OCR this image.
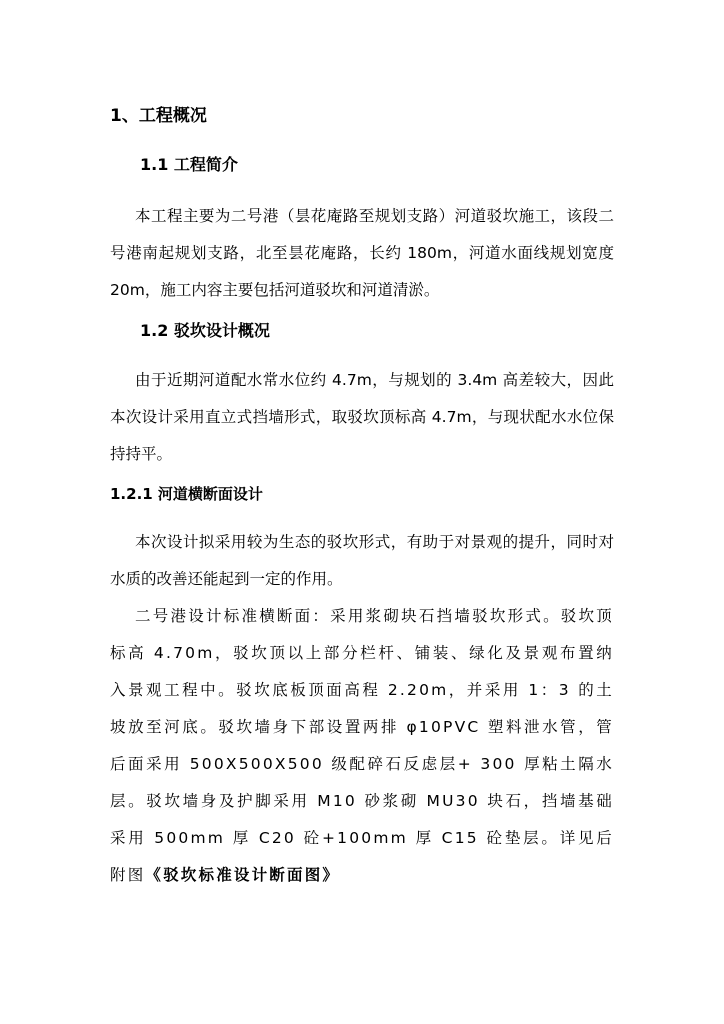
1、工程概况
1.1 工程简介

本工程主要为二号港（昙花庵路至规划支路）河道驳坎施工，该段二号港南起规划支路，北至昙花庵路，长约 180m，河道水面线规划宽度 20m，施工内容主要包括河道驳坎和河道清淤。

1.2 驳坎设计概况

由于近期河道配水常水位约 4.7m，与规划的 3.4m 高差较大，因此本次设计采用直立式挡墙形式，取驳坎顶标高 4.7m，与现状配水水位保持持平。

1.2.1 河道横断面设计

本次设计拟采用较为生态的驳坎形式，有助于对景观的提升，同时对水质的改善还能起到一定的作用。

二号港设计标准横断面：采用浆砌块石挡墙驳坎形式。驳坎顶标高 4.70m，驳坎顶以上部分栏杆、铺装、绿化及景观布置纳入景观工程中。驳坎底板顶面高程 2.20m，并采用 1：3 的土坡放至河底。驳坎墙身下部设置两排 φ10PVC 塑料泄水管，管后面采用 500X500X500 级配碎石反虑层+ 300 厚粘土隔水层。驳坎墙身及护脚采用 M10 砂浆砌 MU30 块石，挡墙基础采用 500mm 厚 C20 砼+100mm 厚 C15 砼垫层。详见后附图《驳坎标准设计断面图》
